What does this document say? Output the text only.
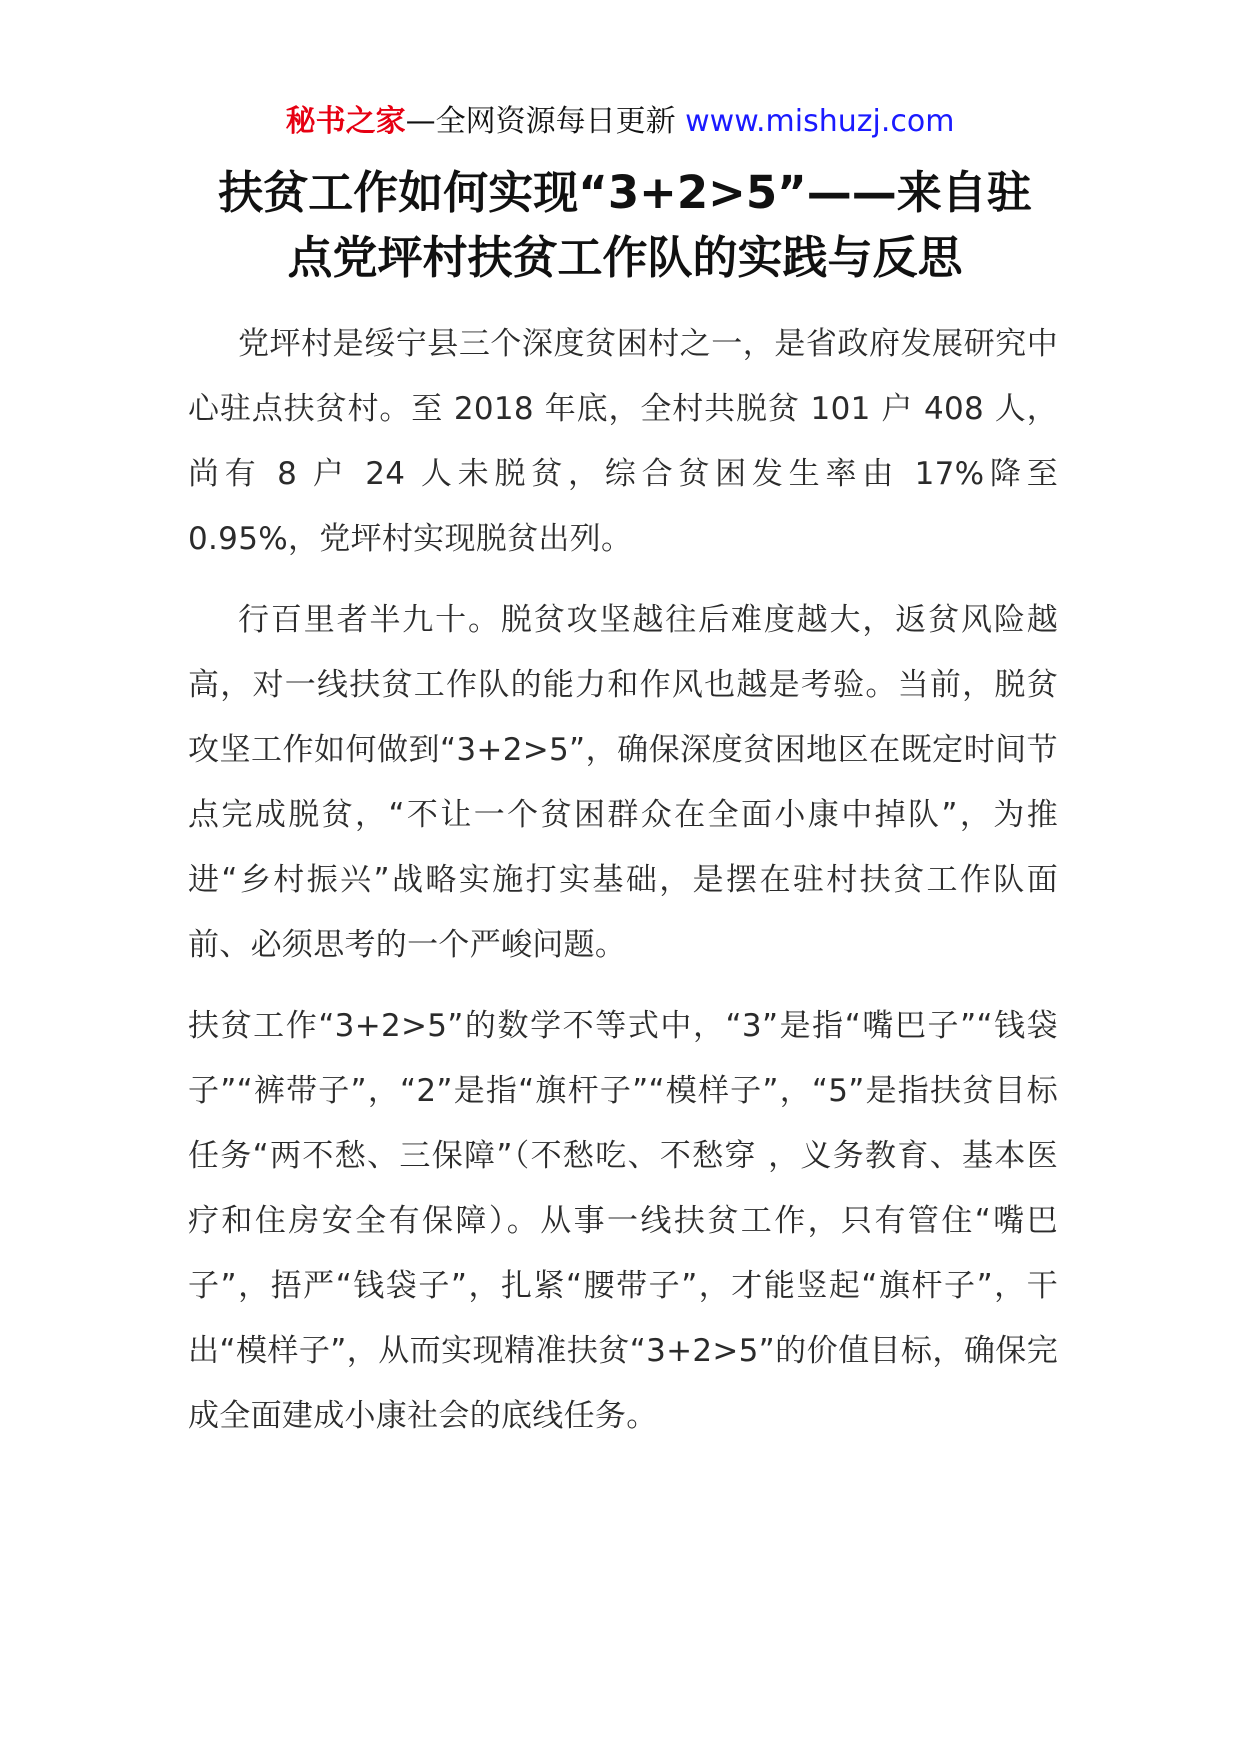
秘书之家—全网资源每日更新 www.mishuzj.com
扶贫工作如何实现“3+2>5”——来自驻
点党坪村扶贫工作队的实践与反思

党坪村是绥宁县三个深度贫困村之一，是省政府发展研究中心驻点扶贫村。至 2018 年底，全村共脱贫 101 户 408 人，尚有 8 户 24 人未脱贫，综合贫困发生率由 17%降至 0.95%，党坪村实现脱贫出列。

行百里者半九十。脱贫攻坚越往后难度越大，返贫风险越高，对一线扶贫工作队的能力和作风也越是考验。当前，脱贫攻坚工作如何做到“3+2>5”，确保深度贫困地区在既定时间节点完成脱贫，“不让一个贫困群众在全面小康中掉队”，为推进“乡村振兴”战略实施打实基础，是摆在驻村扶贫工作队面前、必须思考的一个严峻问题。

扶贫工作“3+2>5”的数学不等式中，“3”是指“嘴巴子”“钱袋子”“裤带子”，“2”是指“旗杆子”“模样子”，“5”是指扶贫目标任务“两不愁、三保障”（不愁吃、不愁穿 ，义务教育、基本医疗和住房安全有保障）。从事一线扶贫工作，只有管住“嘴巴子”，捂严“钱袋子”，扎紧“腰带子”，才能竖起“旗杆子”，干出“模样子”，从而实现精准扶贫“3+2>5”的价值目标，确保完成全面建成小康社会的底线任务。
